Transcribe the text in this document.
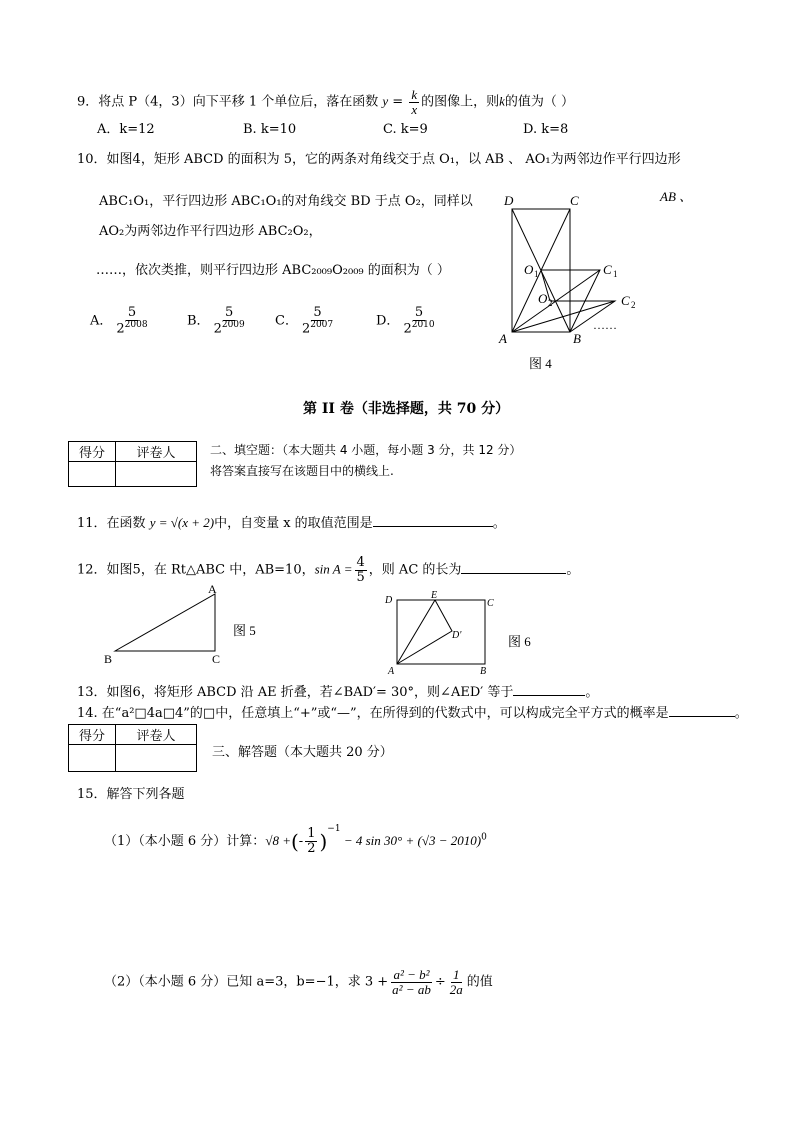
9．将点 P（4，3）向下平移 1 个单位后，落在函数 $y = \frac{k}{x}$ 的图像上，则k的值为（ ）
A．k=12	B. k=10	C. k=9	D. k=8
10．如图4，矩形 ABCD 的面积为 5，它的两条对角线交于点 O₁，以 AB 、 AO₁为两邻边作平行四边形
ABC₁O₁，平行四边形 ABC₁O₁的对角线交 BD 于点 O₂，同样以	AB 、
AO₂为两邻边作平行四边形 ABC₂O₂，
……，依次类推，则平行四边形 ABC₂₀₀₉O₂₀₀₉ 的面积为（ ）
A． $\frac{5}{2^{2008}}$	B． $\frac{5}{2^{2009}}$ C． $\frac{5}{2^{2007}}$	D． $\frac{5}{2^{2010}}$
D	C
O 1	C 1
O 2	C 2
A	B
……
图 4
第 II 卷（非选择题，共 70 分）
得分	评卷人
		二、填空题：（本大题共 4 小题，每小题 3 分，共 12 分）
将答案直接写在该题目中的横线上.
11．在函数 y = √(x + 2)中，自变量 x 的取值范围是	。
12．如图5，在 Rt△ABC 中，AB=10，$\sin A = \frac{4}{5}$ ，则 AC 的长为	。
A
B	C
图 5
D	E
C
D'
A	B
图 6
13．如图6，将矩形 ABCD 沿 AE 折叠，若∠BAD′= 30°，则∠AED′ 等于	。
14. 在“a²□4a□4”的□中，任意填上“+”或“—”，在所得到的代数式中，可以构成完全平方式的概率是	。
得分	评卷人

三、解答题（本大题共 20 分）
15．解答下列各题
（1）（本小题 6 分）计算：√8 +(- $\frac{1}{2} )^{-1} - 4$ $\sin 30^\circ + (√3 - 2010)^0$
（2）（本小题 6 分）已知 a=3，b=−1，求 $3 + \frac{\text{a² − b²}}{\text{a² − ab}} \div \frac{1}{2a}$ 的值
